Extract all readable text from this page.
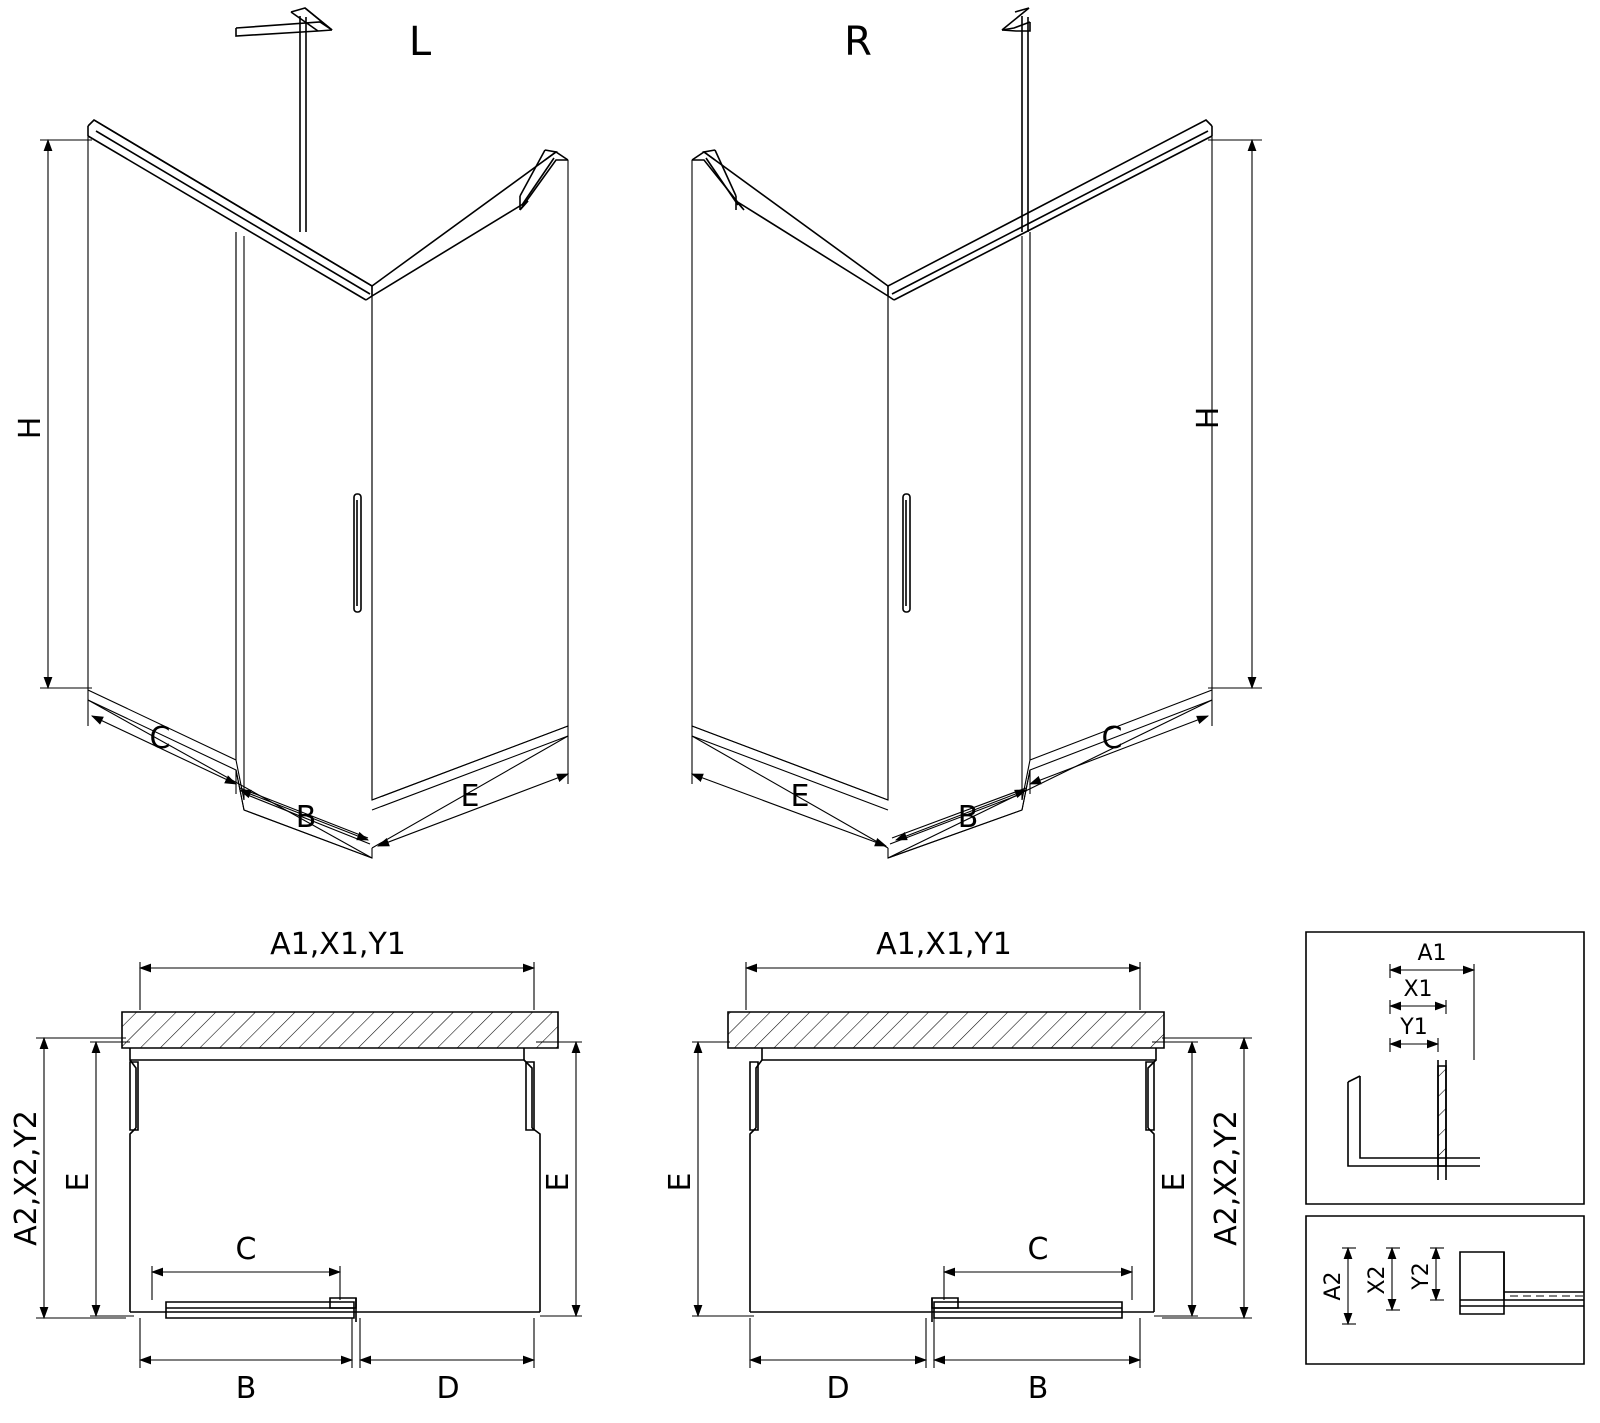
H
C
B
E
L
H
C
B
E
R
A2,X2,Y2 E	E
A1,X1,Y1
C
B	D
E	E A2,X2,Y2
A1,X1,Y1
C
D	B
A1
X1
Y1
A2 X2 Y2
